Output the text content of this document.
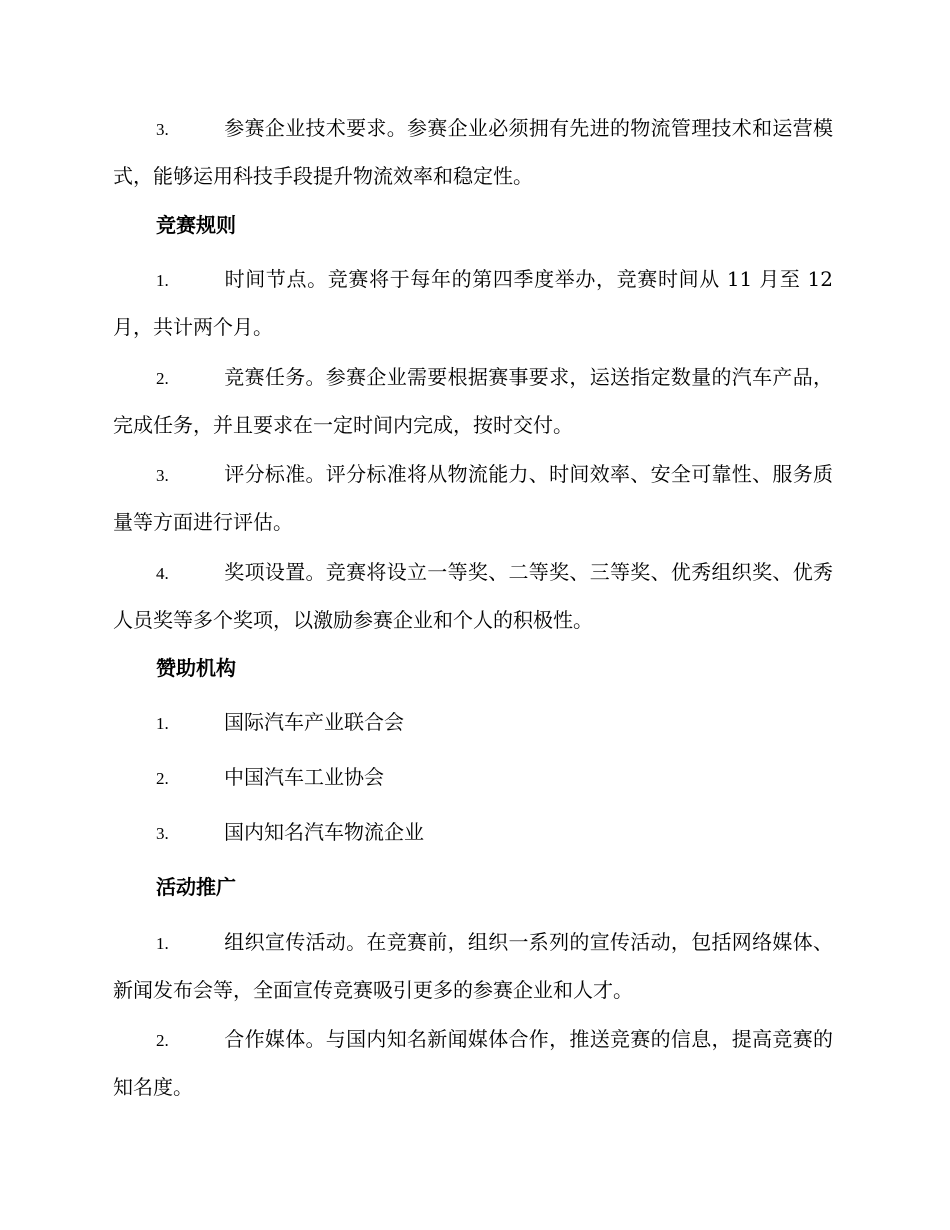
3.	参赛企业技术要求。参赛企业必须拥有先进的物流管理技术和运营模式，能够运用科技手段提升物流效率和稳定性。
竞赛规则
1.	时间节点。竞赛将于每年的第四季度举办，竞赛时间从 11 月至 12 月，共计两个月。
2.	竞赛任务。参赛企业需要根据赛事要求，运送指定数量的汽车产品，完成任务，并且要求在一定时间内完成，按时交付。
3.	评分标准。评分标准将从物流能力、时间效率、安全可靠性、服务质量等方面进行评估。
4.	奖项设置。竞赛将设立一等奖、二等奖、三等奖、优秀组织奖、优秀人员奖等多个奖项，以激励参赛企业和个人的积极性。
赞助机构
1.	国际汽车产业联合会
2.	中国汽车工业协会
3.	国内知名汽车物流企业
活动推广
1.	组织宣传活动。在竞赛前，组织一系列的宣传活动，包括网络媒体、新闻发布会等，全面宣传竞赛吸引更多的参赛企业和人才。
2.	合作媒体。与国内知名新闻媒体合作，推送竞赛的信息，提高竞赛的知名度。
